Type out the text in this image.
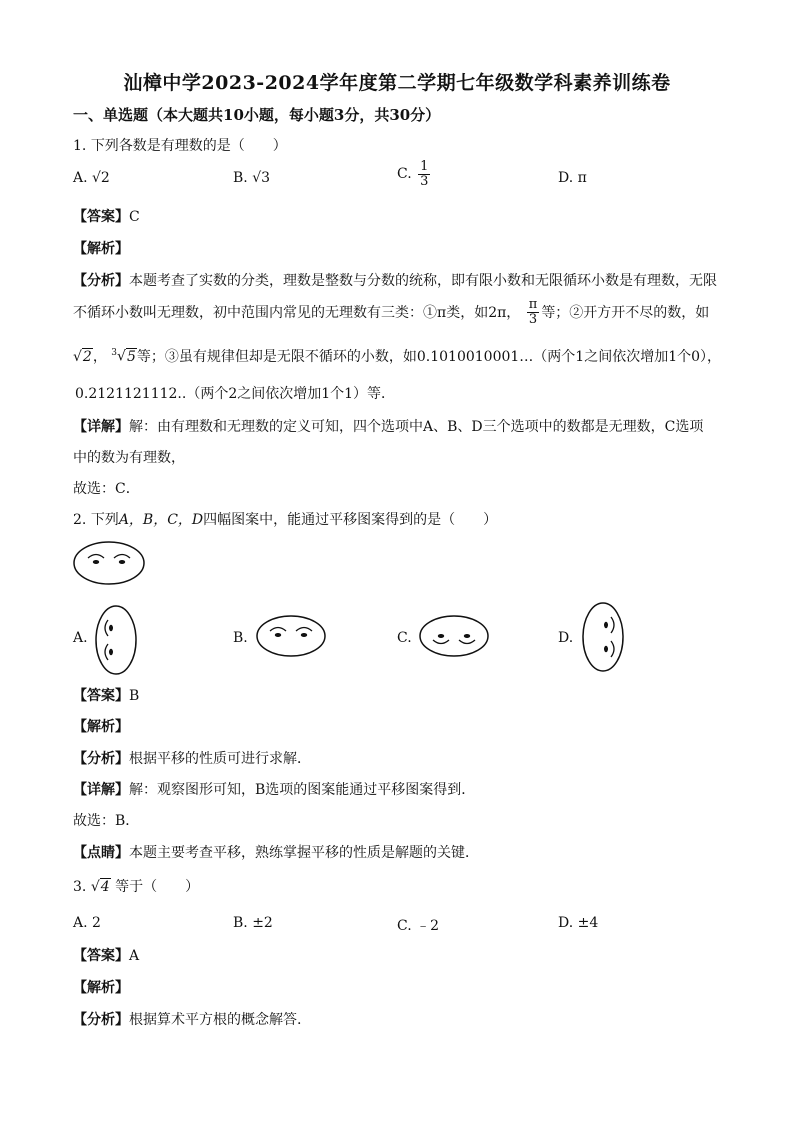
汕樟中学2023-2024学年度第二学期七年级数学科素养训练卷
一、单选题（本大题共10小题，每小题3分，共30分）
1. 下列各数是有理数的是（　　）
A. √2	B. √3	C. $\frac{1}{3}$	D. π
【答案】C
【解析】
【分析】本题考查了实数的分类，理数是整数与分数的统称，即有限小数和无限循环小数是有理数，无限
不循环小数叫无理数，初中范围内常见的无理数有三类：①π类，如2π， $\frac{\pi}{3}$ 等；②开方开不尽的数，如
√2， $^3$√5等；③虽有规律但却是无限不循环的小数，如0.1010010001…（两个1之间依次增加1个0），
0.2121121112..（两个2之间依次增加1个1）等．
【详解】解：由有理数和无理数的定义可知，四个选项中A、B、D三个选项中的数都是无理数，C选项
中的数为有理数，
故选：C．
2. 下列A，B，C，D四幅图案中，能通过平移图案得到的是（　　）
A.	B.	C.	D.
【答案】B
【解析】
【分析】根据平移的性质可进行求解．
【详解】解：观察图形可知，B选项的图案能通过平移图案得到．
故选：B．
【点睛】本题主要考查平移，熟练掌握平移的性质是解题的关键．
3. √4 等于（　　）
A. 2	B. ±2	C. ﹣2	D. ±4
【答案】A
【解析】
【分析】根据算术平方根的概念解答.
